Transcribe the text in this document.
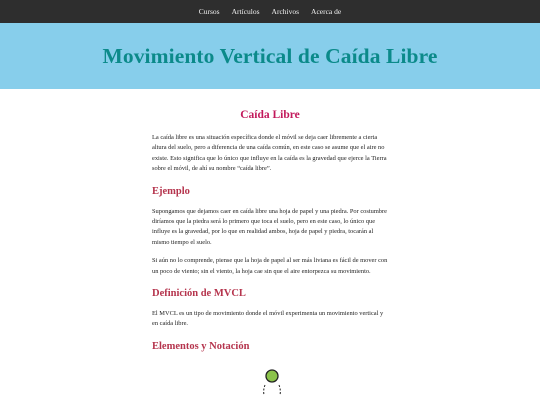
Cursos Artículos Archivos Acerca de
Movimiento Vertical de Caída Libre
Caída Libre

La caída libre es una situación específica donde el móvil se deja caer libremente a cierta altura del suelo, pero a diferencia de una caída común, en este caso se asume que el aire no existe. Esto significa que lo único que influye en la caída es la gravedad que ejerce la Tierra sobre el móvil, de ahí su nombre “caída libre”.

Ejemplo

Supongamos que dejamos caer en caída libre una hoja de papel y una piedra. Por costumbre diríamos que la piedra será lo primero que toca el suelo, pero en este caso, lo único que influye es la gravedad, por lo que en realidad ambos, hoja de papel y piedra, tocarán al mismo tiempo el suelo.

Si aún no lo comprende, piense que la hoja de papel al ser más liviana es fácil de mover con un poco de viento; sin el viento, la hoja cae sin que el aire entorpezca su movimiento.

Definición de MVCL

El MVCL es un tipo de movimiento donde el móvil experimenta un movimiento vertical y en caída libre.

Elementos y Notación
